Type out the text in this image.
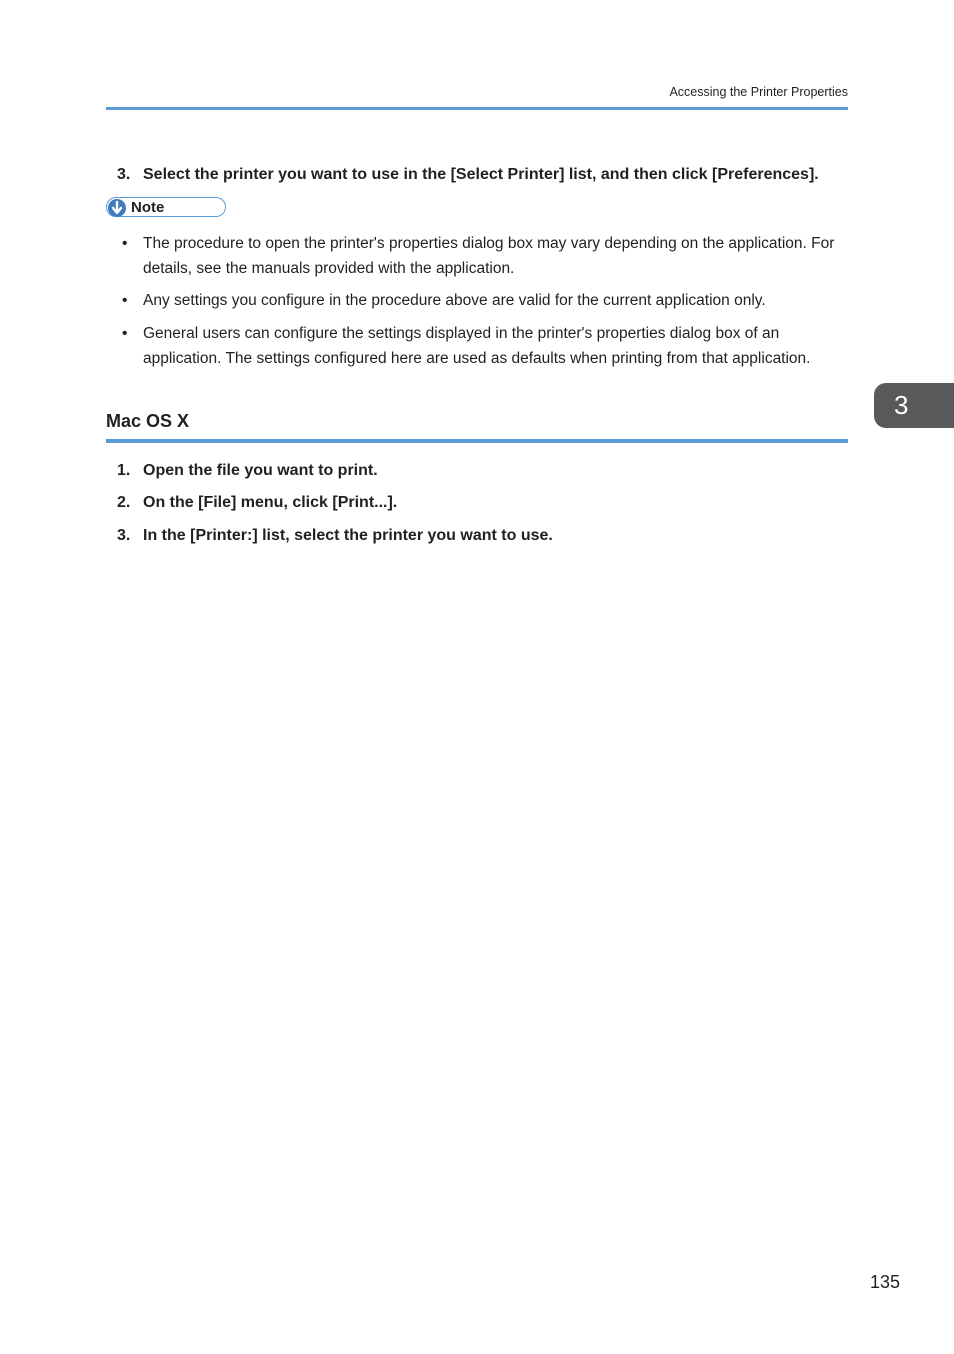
Accessing the Printer Properties
3. Select the printer you want to use in the [Select Printer] list, and then click [Preferences].
Note
• The procedure to open the printer's properties dialog box may vary depending on the application. For details, see the manuals provided with the application.
• Any settings you configure in the procedure above are valid for the current application only.
• General users can configure the settings displayed in the printer's properties dialog box of an application. The settings configured here are used as defaults when printing from that application.
Mac OS X
1. Open the file you want to print.
2. On the [File] menu, click [Print...].
3. In the [Printer:] list, select the printer you want to use.
3
135
